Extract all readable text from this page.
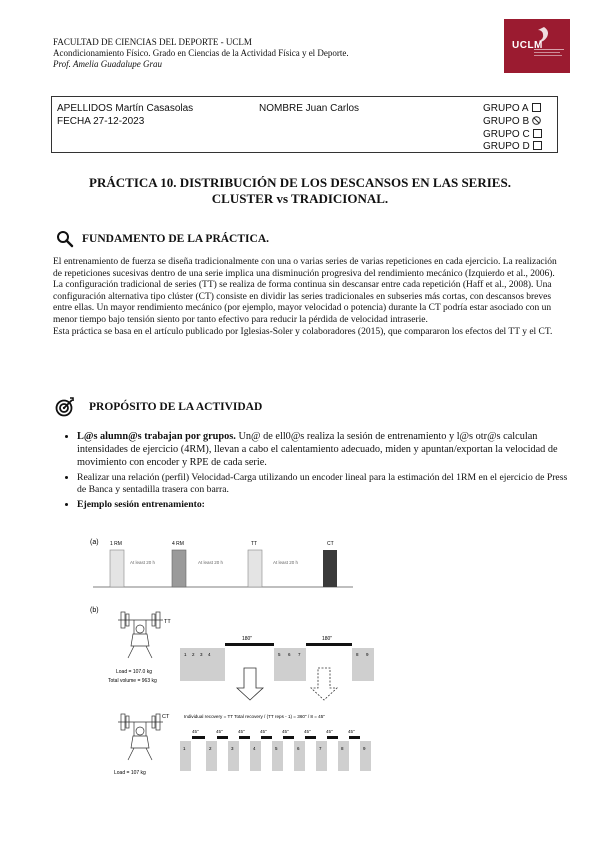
FACULTAD DE CIENCIAS DEL DEPORTE - UCLM
Acondicionamiento Físico. Grado en Ciencias de la Actividad Física y el Deporte.
Prof. Amelia Guadalupe Grau
UCLM
APELLIDOS Martín Casasolas	NOMBRE Juan Carlos
FECHA 27-12-2023
GRUPO A
GRUPO B
GRUPO C
GRUPO D
PRÁCTICA 10. DISTRIBUCIÓN DE LOS DESCANSOS EN LAS SERIES.
CLUSTER vs TRADICIONAL.
FUNDAMENTO DE LA PRÁCTICA.

El entrenamiento de fuerza se diseña tradicionalmente con una o varias series de varias repeticiones en cada ejercicio. La realización de repeticiones sucesivas dentro de una serie implica una disminución progresiva del rendimiento mecánico (Izquierdo et al., 2006).

La configuración tradicional de series (TT) se realiza de forma continua sin descansar entre cada repetición (Haff et al., 2008). Una configuración alternativa tipo clúster (CT) consiste en dividir las series tradicionales en subseries más cortas, con descansos breves entre ellas. Un mayor rendimiento mecánico (por ejemplo, mayor velocidad o potencia) durante la CT podría estar asociado con un menor tiempo bajo tensión siento por tanto efectivo para reducir la pérdida de velocidad intraserie.

Esta práctica se basa en el artículo publicado por Iglesias-Soler y colaboradores (2015), que compararon los efectos del TT y el CT.

PROPÓSITO DE LA ACTIVIDAD
• L@s alumn@s trabajan por grupos. Un@ de ell0@s realiza la sesión de entrenamiento y l@s otr@s calculan intensidades de ejercicio (4RM), llevan a cabo el calentamiento adecuado, miden y apuntan/exportan la velocidad de movimiento con encoder y RPE de cada serie.
• Realizar una relación (perfil) Velocidad-Carga utilizando un encoder lineal para la estimación del 1RM en el ejercicio de Press de Banca y sentadilla trasera con barra.
• Ejemplo sesión entrenamiento:
(a) 1 RM	4 RM	TT	CT
At least 20 h	At least 20 h	At least 20 h
(b)
TT
Load = 107.0 kg
Total volume = 963 kg
1 2 3 4	5 6 7	8 9
180"	180"
CT
Load = 107 kg
Individual recovery = TT Total recovery / (TT reps - 1) = 360" / 8 = 45"
45"	45"	45"	45"	45"	45"	45"	45"
1	2	3	4	5	6	7	8	9
